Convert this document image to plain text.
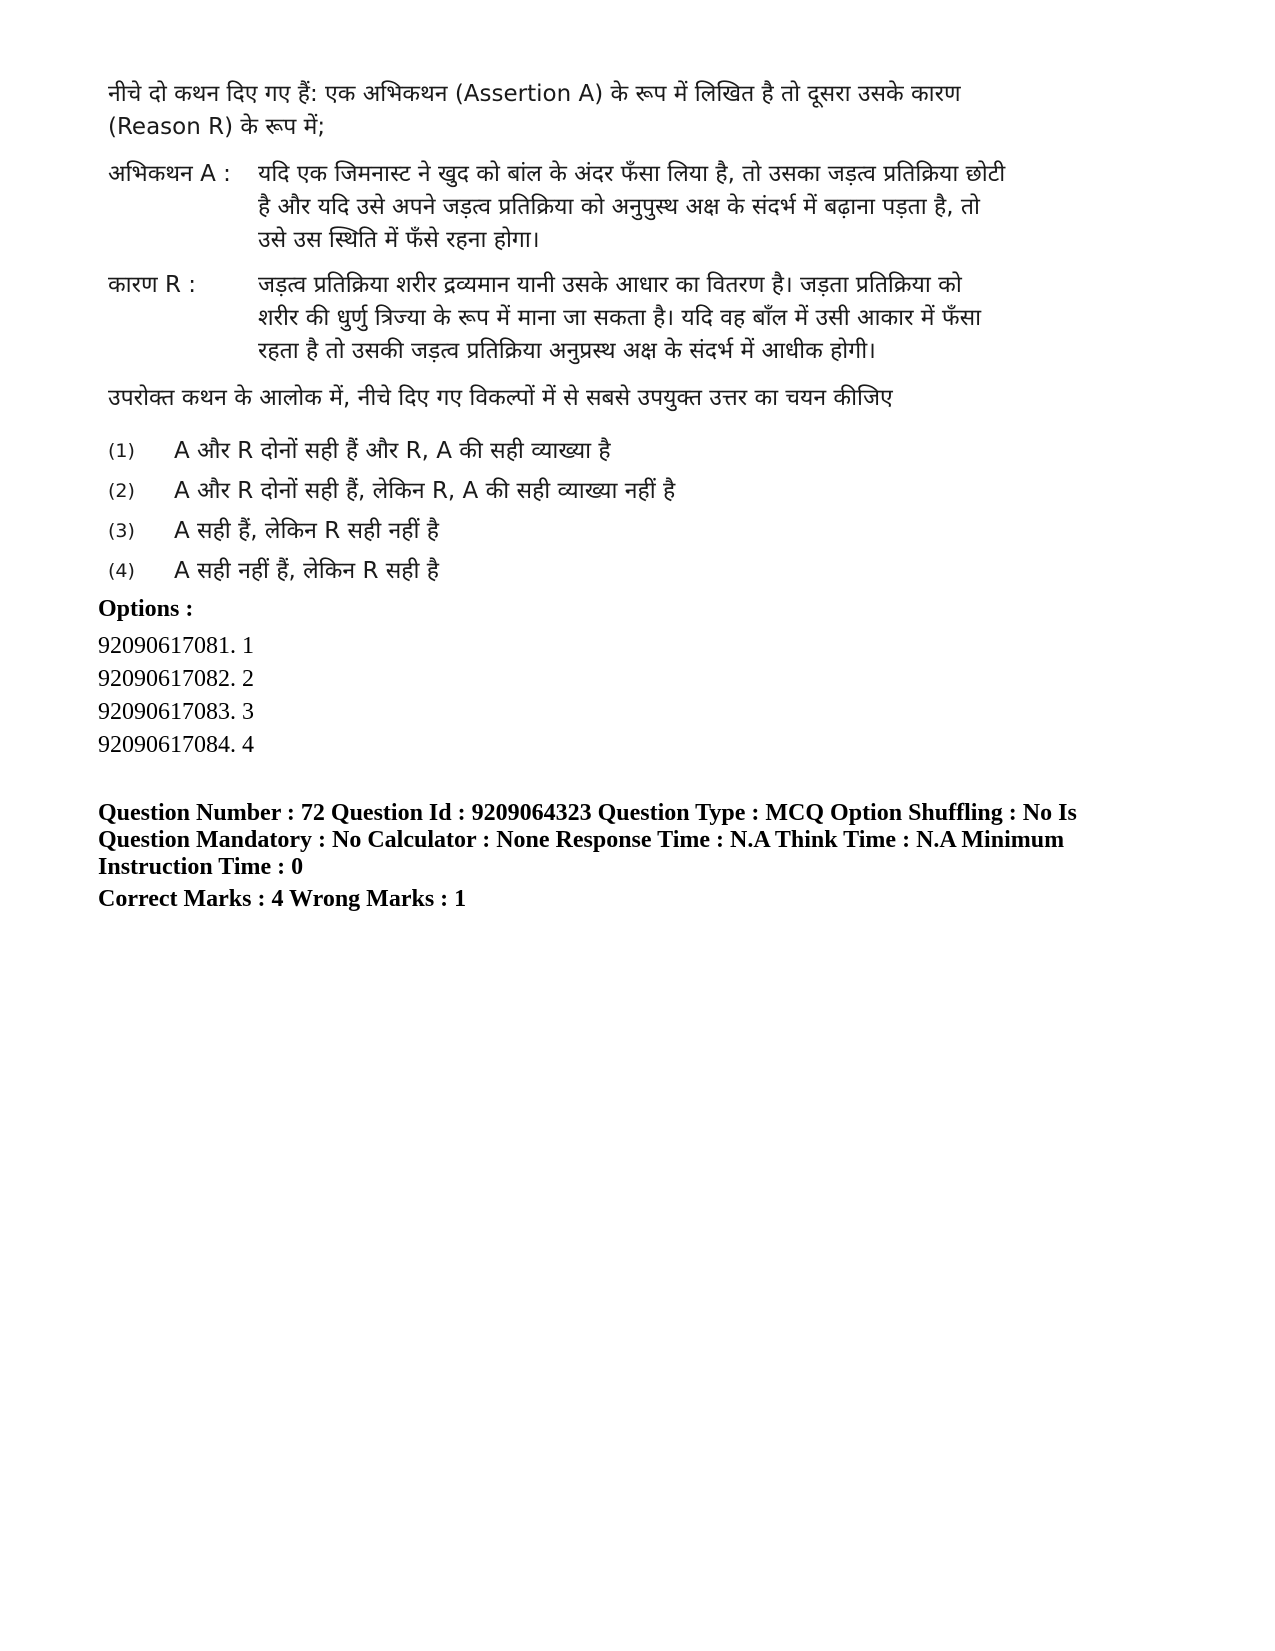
नीचे दो कथन दिए गए हैं: एक अभिकथन (Assertion A) के रूप में लिखित है तो दूसरा उसके कारण (Reason R) के रूप में;
अभिकथन A :	यदि एक जिमनास्ट ने खुद को बांल के अंदर फँसा लिया है, तो उसका जड़त्व प्रतिक्रिया छोटी है और यदि उसे अपने जड़त्व प्रतिक्रिया को अनुपुस्थ अक्ष के संदर्भ में बढ़ाना पड़ता है, तो उसे उस स्थिति में फँसे रहना होगा।
कारण R :	जड़त्व प्रतिक्रिया शरीर द्रव्यमान यानी उसके आधार का वितरण है। जड़ता प्रतिक्रिया को शरीर की धुर्णु त्रिज्या के रूप में माना जा सकता है। यदि वह बाँल में उसी आकार में फँसा रहता है तो उसकी जड़त्व प्रतिक्रिया अनुप्रस्थ अक्ष के संदर्भ में आधीक होगी।
उपरोक्त कथन के आलोक में, नीचे दिए गए विकल्पों में से सबसे उपयुक्त उत्तर का चयन कीजिए
(1)	A और R दोनों सही हैं और R, A की सही व्याख्या है
(2)	A और R दोनों सही हैं, लेकिन R, A की सही व्याख्या नहीं है
(3)	A सही हैं, लेकिन R सही नहीं है
(4)	A सही नहीं हैं, लेकिन R सही है
Options :
92090617081. 1
92090617082. 2
92090617083. 3
92090617084. 4
Question Number : 72 Question Id : 9209064323 Question Type : MCQ Option Shuffling : No Is Question Mandatory : No Calculator : None Response Time : N.A Think Time : N.A Minimum Instruction Time : 0
Correct Marks : 4 Wrong Marks : 1
